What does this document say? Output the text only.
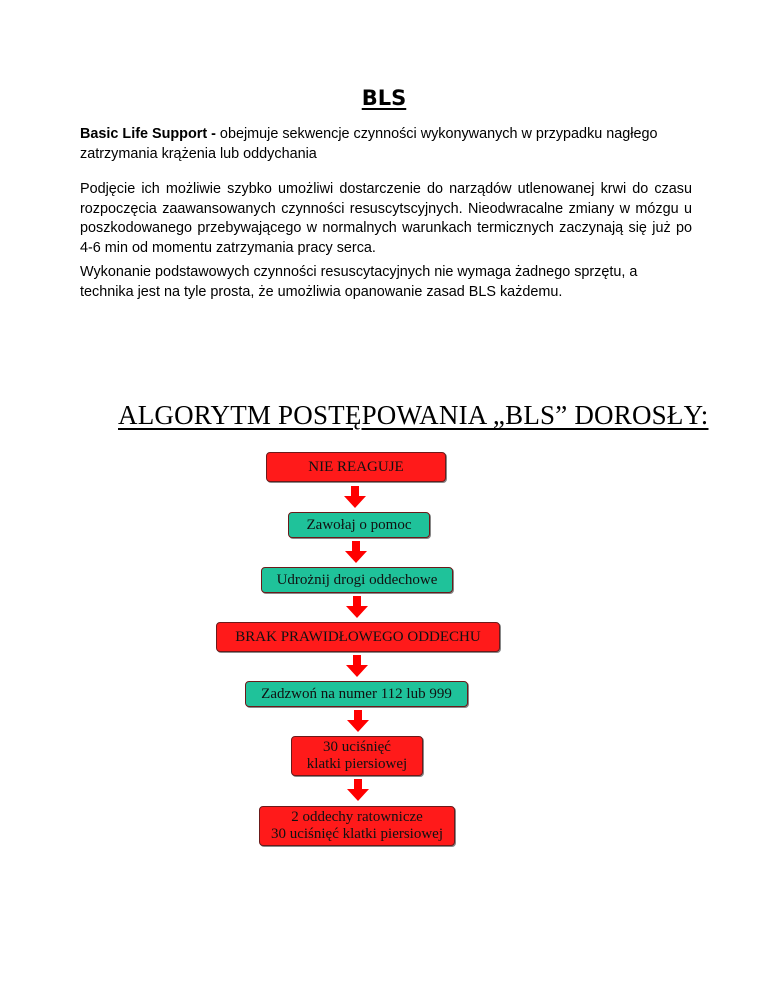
BLS

Basic Life Support - obejmuje sekwencje czynności wykonywanych w przypadku nagłego zatrzymania krążenia lub oddychania

Podjęcie ich możliwie szybko umożliwi dostarczenie do narządów utlenowanej krwi do czasu rozpoczęcia zaawansowanych czynności resuscytscyjnych. Nieodwracalne zmiany w mózgu u poszkodowanego przebywającego w normalnych warunkach termicznych zaczynają się już po 4-6 min od momentu zatrzymania pracy serca.

Wykonanie podstawowych czynności resuscytacyjnych nie wymaga żadnego sprzętu, a technika jest na tyle prosta, że umożliwia opanowanie zasad BLS każdemu.

ALGORYTM POSTĘPOWANIA „BLS” DOROSŁY:
NIE REAGUJE
Zawołaj o pomoc
Udrożnij drogi oddechowe
BRAK PRAWIDŁOWEGO ODDECHU
Zadzwoń na numer 112 lub 999
30 uciśnięć
klatki piersiowej
2 oddechy ratownicze
30 uciśnięć klatki piersiowej
